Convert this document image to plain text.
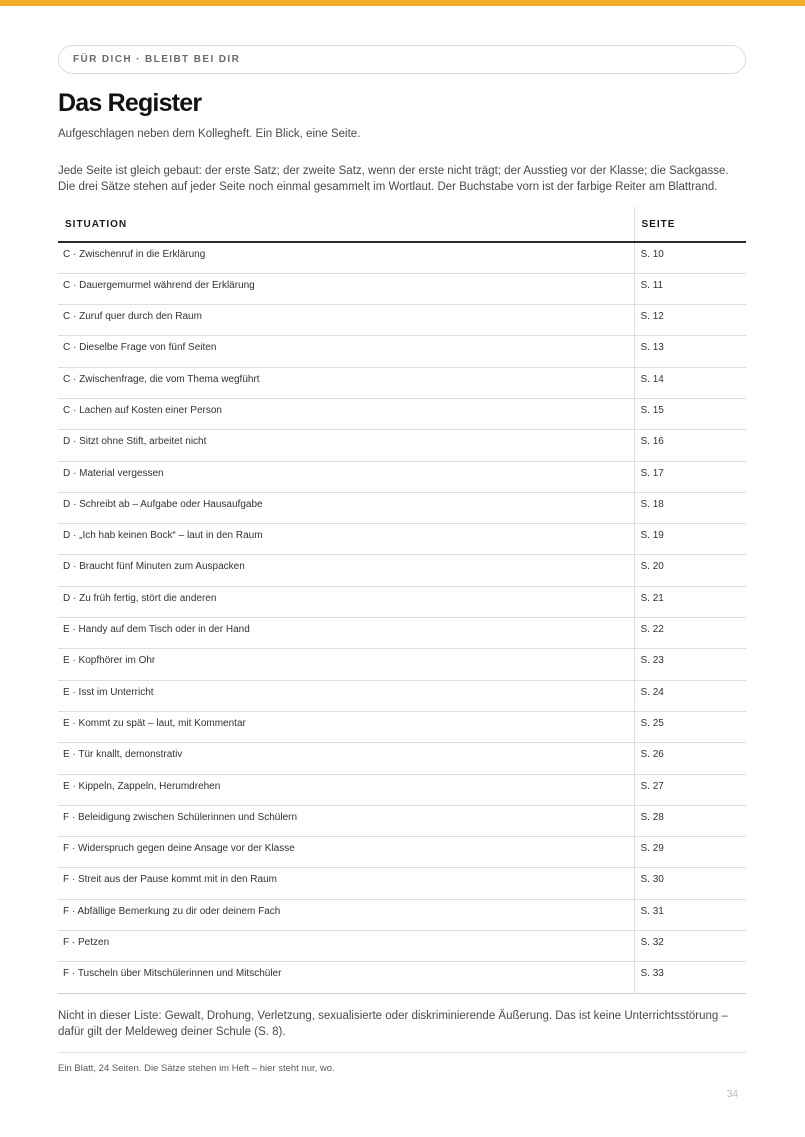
FÜR DICH · BLEIBT BEI DIR
Das Register

Aufgeschlagen neben dem Kollegheft. Ein Blick, eine Seite.

Jede Seite ist gleich gebaut: der erste Satz; der zweite Satz, wenn der erste nicht trägt; der Ausstieg vor der Klasse; die Sackgasse. Die drei Sätze stehen auf jeder Seite noch einmal gesammelt im Wortlaut. Der Buchstabe vorn ist der farbige Reiter am Blattrand.

SITUATION	SEITE
C · Zwischenruf in die Erklärung	S. 10
C · Dauergemurmel während der Erklärung	S. 11
C · Zuruf quer durch den Raum	S. 12
C · Dieselbe Frage von fünf Seiten	S. 13
C · Zwischenfrage, die vom Thema wegführt	S. 14
C · Lachen auf Kosten einer Person	S. 15
D · Sitzt ohne Stift, arbeitet nicht	S. 16
D · Material vergessen	S. 17
D · Schreibt ab – Aufgabe oder Hausaufgabe	S. 18
D · „Ich hab keinen Bock“ – laut in den Raum	S. 19
D · Braucht fünf Minuten zum Auspacken	S. 20
D · Zu früh fertig, stört die anderen	S. 21
E · Handy auf dem Tisch oder in der Hand	S. 22
E · Kopfhörer im Ohr	S. 23
E · Isst im Unterricht	S. 24
E · Kommt zu spät – laut, mit Kommentar	S. 25
E · Tür knallt, demonstrativ	S. 26
E · Kippeln, Zappeln, Herumdrehen	S. 27
F · Beleidigung zwischen Schülerinnen und Schülern	S. 28
F · Widerspruch gegen deine Ansage vor der Klasse	S. 29
F · Streit aus der Pause kommt mit in den Raum	S. 30
F · Abfällige Bemerkung zu dir oder deinem Fach	S. 31
F · Petzen	S. 32
F · Tuscheln über Mitschülerinnen und Mitschüler	S. 33

Nicht in dieser Liste: Gewalt, Drohung, Verletzung, sexualisierte oder diskriminierende Äußerung. Das ist keine Unterrichtsstörung – dafür gilt der Meldeweg deiner Schule (S. 8).

Ein Blatt, 24 Seiten. Die Sätze stehen im Heft – hier steht nur, wo.

34
